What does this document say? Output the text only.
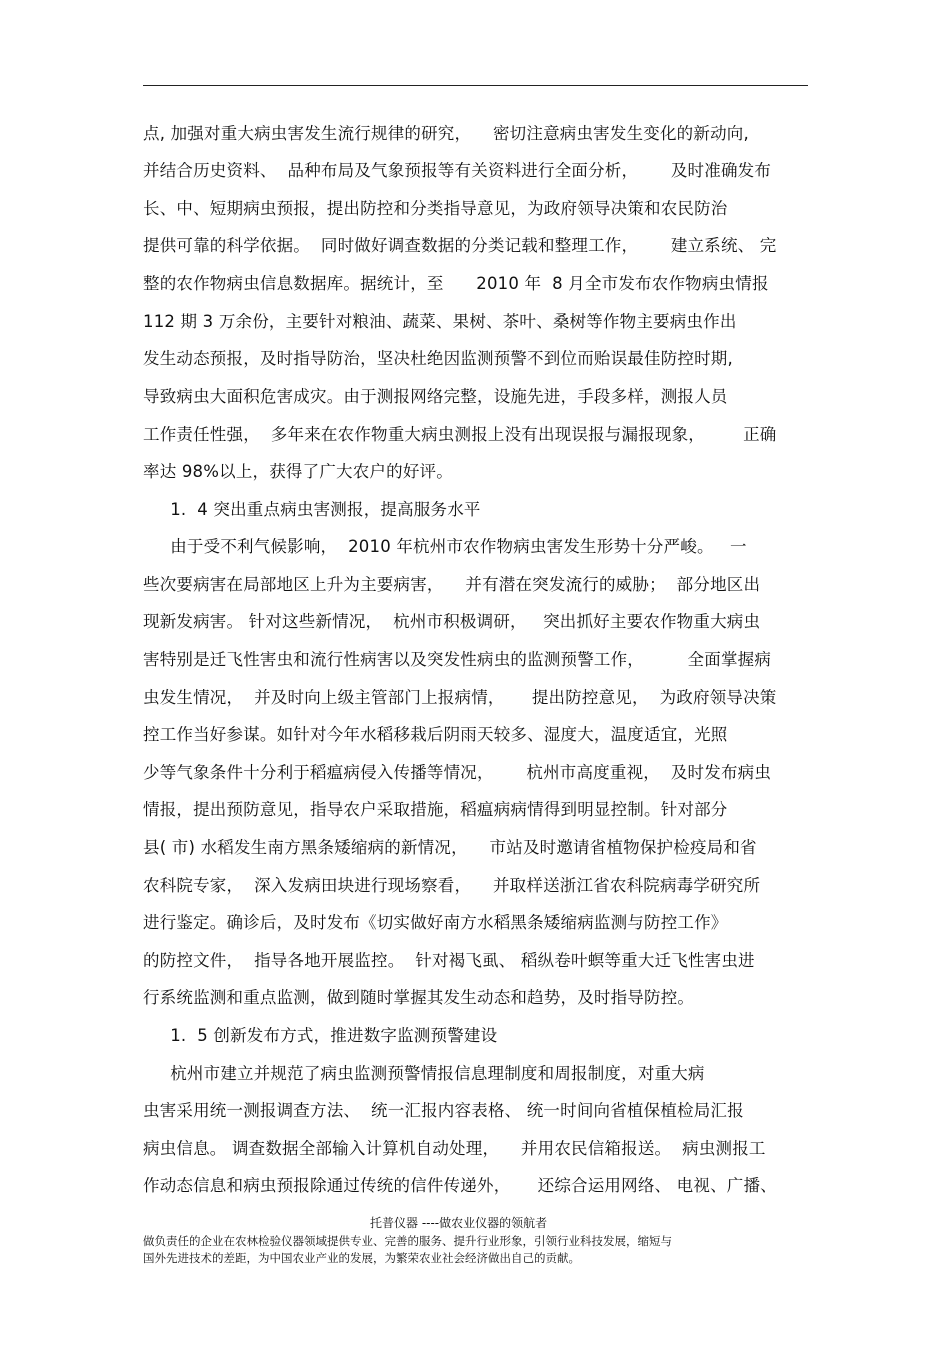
点, 加强对重大病虫害发生流行规律的研究，    密切注意病虫害发生变化的新动向,
并结合历史资料、  品种布局及气象预报等有关资料进行全面分析，      及时准确发布
长、中、短期病虫预报，提出防控和分类指导意见，为政府领导决策和农民防治
提供可靠的科学依据。  同时做好调查数据的分类记载和整理工作，      建立系统、 完
整的农作物病虫信息数据库。据统计，至      2010 年  8 月全市发布农作物病虫情报
112 期 3 万余份，主要针对粮油、蔬菜、果树、茶叶、桑树等作物主要病虫作出
发生动态预报，及时指导防治，坚决杜绝因监测预警不到位而贻误最佳防控时期,
导致病虫大面积危害成灾。由于测报网络完整，设施先进，手段多样，测报人员
工作责任性强，  多年来在农作物重大病虫测报上没有出现误报与漏报现象，       正确
率达 98%以上，获得了广大农户的好评。
1.  4 突出重点病虫害测报，提高服务水平
由于受不利气候影响，  2010 年杭州市农作物病虫害发生形势十分严峻。   一
些次要病害在局部地区上升为主要病害，    并有潜在突发流行的威胁；  部分地区出
现新发病害。 针对这些新情况，  杭州市积极调研，   突出抓好主要农作物重大病虫
害特别是迁飞性害虫和流行性病害以及突发性病虫的监测预警工作，        全面掌握病
虫发生情况，  并及时向上级主管部门上报病情，     提出防控意见，  为政府领导决策
控工作当好参谋。如针对今年水稻移栽后阴雨天较多、湿度大，温度适宜，光照
少等气象条件十分利于稻瘟病侵入传播等情况，      杭州市高度重视，  及时发布病虫
情报，提出预防意见，指导农户采取措施，稻瘟病病情得到明显控制。针对部分
县( 市) 水稻发生南方黑条矮缩病的新情况，    市站及时邀请省植物保护检疫局和省
农科院专家，  深入发病田块进行现场察看，    并取样送浙江省农科院病毒学研究所
进行鉴定。确诊后，及时发布《切实做好南方水稻黑条矮缩病监测与防控工作》
的防控文件，  指导各地开展监控。  针对褐飞虱、 稻纵卷叶螟等重大迁飞性害虫进
行系统监测和重点监测，做到随时掌握其发生动态和趋势，及时指导防控。
1.  5 创新发布方式，推进数字监测预警建设
杭州市建立并规范了病虫监测预警情报信息理制度和周报制度，对重大病
虫害采用统一测报调查方法、  统一汇报内容表格、 统一时间向省植保植检局汇报
病虫信息。 调查数据全部输入计算机自动处理，    并用农民信箱报送。  病虫测报工
作动态信息和病虫预报除通过传统的信件传递外，     还综合运用网络、 电视、广播、
托普仪器 ----做农业仪器的领航者
做负责任的企业在农林检验仪器领域提供专业、完善的服务、提升行业形象，引领行业科技发展，缩短与
国外先进技术的差距，为中国农业产业的发展，为繁荣农业社会经济做出自己的贡献。
